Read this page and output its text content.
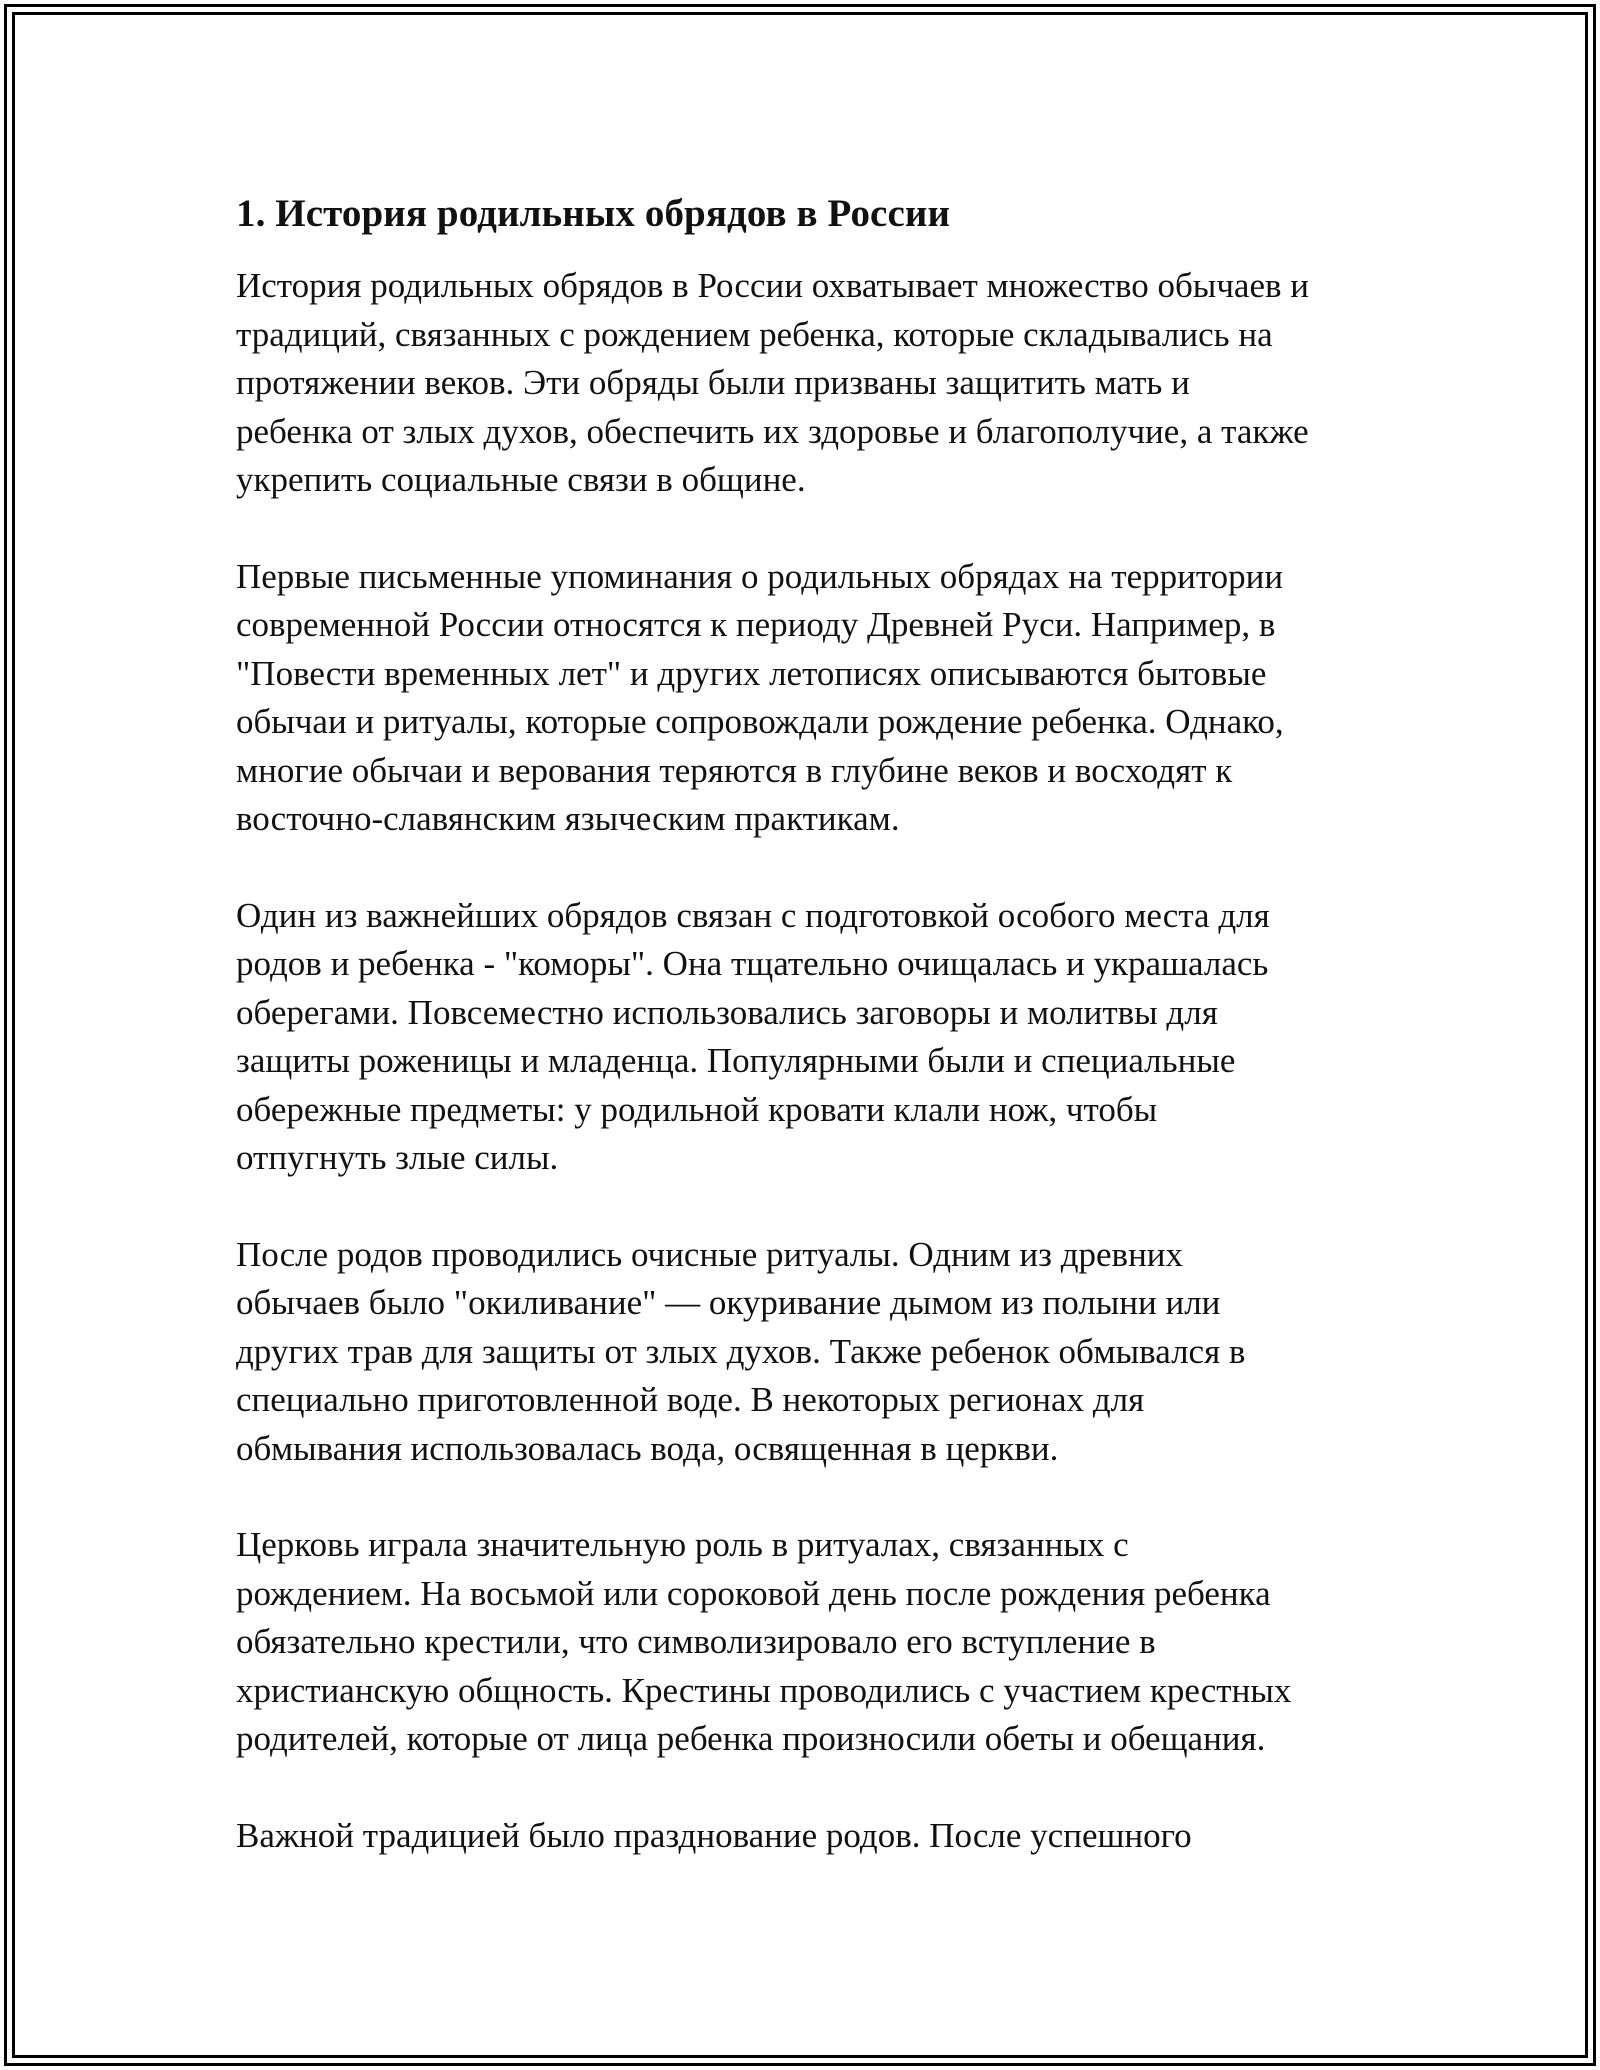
1. История родильных обрядов в России

История родильных обрядов в России охватывает множество обычаев и
традиций, связанных с рождением ребенка, которые складывались на
протяжении веков. Эти обряды были призваны защитить мать и
ребенка от злых духов, обеспечить их здоровье и благополучие, а также
укрепить социальные связи в общине.

Первые письменные упоминания о родильных обрядах на территории
современной России относятся к периоду Древней Руси. Например, в
"Повести временных лет" и других летописях описываются бытовые
обычаи и ритуалы, которые сопровождали рождение ребенка. Однако,
многие обычаи и верования теряются в глубине веков и восходят к
восточно-славянским языческим практикам.

Один из важнейших обрядов связан с подготовкой особого места для
родов и ребенка - "коморы". Она тщательно очищалась и украшалась
оберегами. Повсеместно использовались заговоры и молитвы для
защиты роженицы и младенца. Популярными были и специальные
обережные предметы: у родильной кровати клали нож, чтобы
отпугнуть злые силы.

После родов проводились очисные ритуалы. Одним из древних
обычаев было "окиливание" — окуривание дымом из полыни или
других трав для защиты от злых духов. Также ребенок обмывался в
специально приготовленной воде. В некоторых регионах для
обмывания использовалась вода, освященная в церкви.

Церковь играла значительную роль в ритуалах, связанных с
рождением. На восьмой или сороковой день после рождения ребенка
обязательно крестили, что символизировало его вступление в
христианскую общность. Крестины проводились с участием крестных
родителей, которые от лица ребенка произносили обеты и обещания.

Важной традицией было празднование родов. После успешного
